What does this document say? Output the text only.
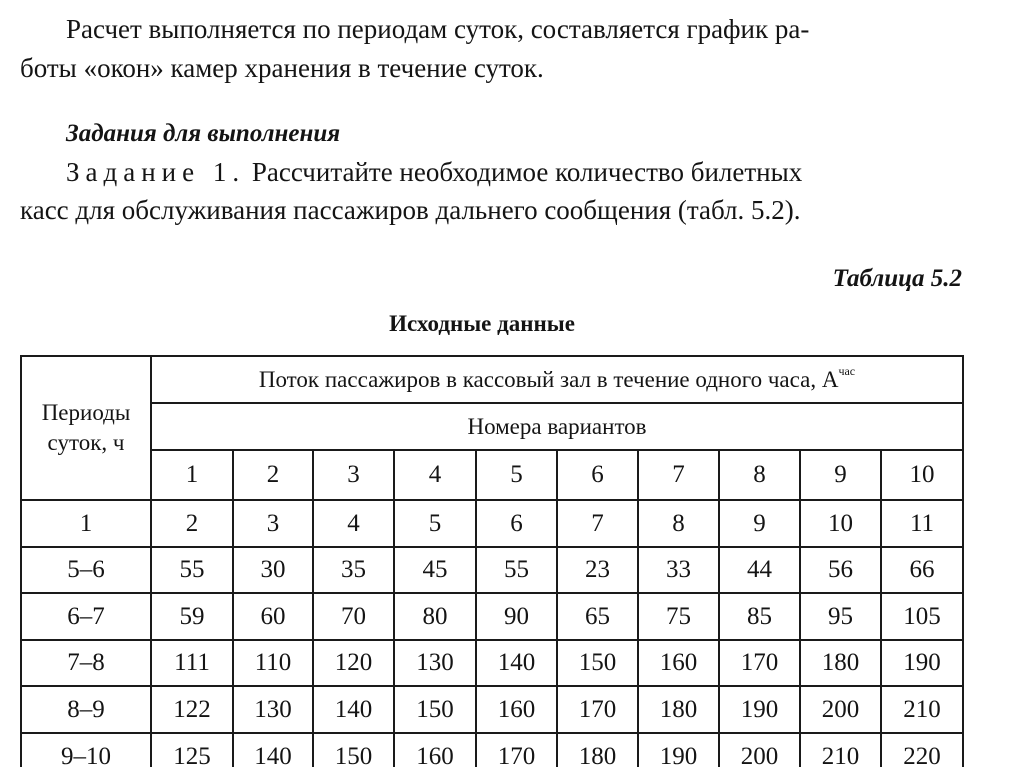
Расчет выполняется по периодам суток, составляется график ра-
боты «окон» камер хранения в течение суток.
Задания для выполнения
Задание 1. Рассчитайте необходимое количество билетных
касс для обслуживания пассажиров дальнего сообщения (табл. 5.2).
Таблица 5.2
Исходные данные
Периоды суток, ч	Поток пассажиров в кассовый зал в течение одного часа, $A^{час}$
	Номера вариантов									
	1	2	3	4	5	6	7	8	9	10
1	2	3	4	5	6	7	8	9	10	11
5–6	55	30	35	45	55	23	33	44	56	66
6–7	59	60	70	80	90	65	75	85	95	105
7–8	111	110	120	130	140	150	160	170	180	190
8–9	122	130	140	150	160	170	180	190	200	210
9–10	125	140	150	160	170	180	190	200	210	220
